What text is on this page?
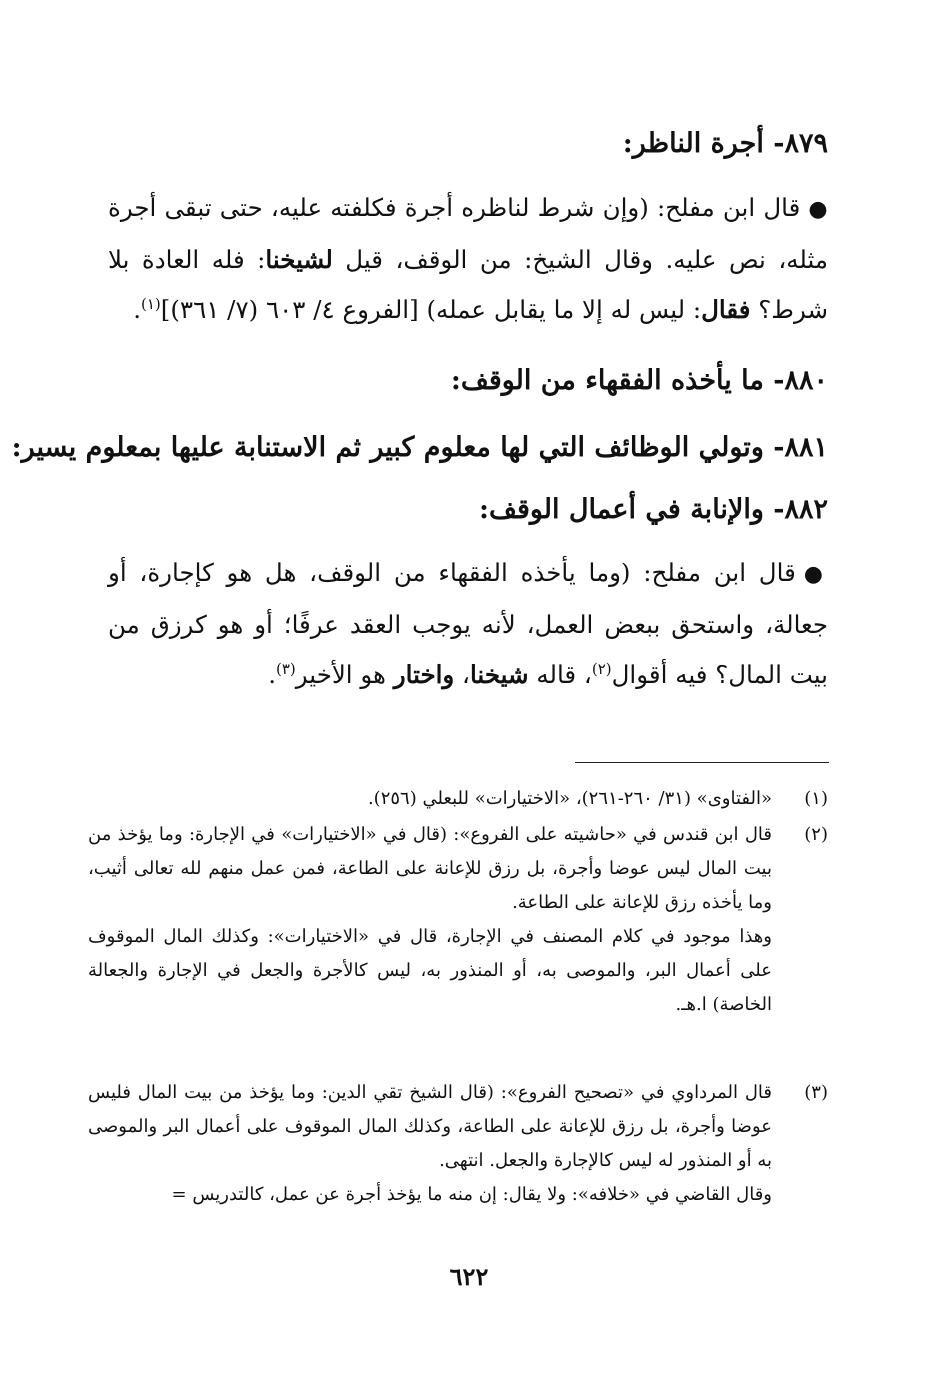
٨٧٩- أجرة الناظر:
●قال ابن مفلح: (وإن شرط لناظره أجرة فكلفته عليه، حتى تبقى أجرة مثله، نص عليه. وقال الشيخ: من الوقف، قيل لشيخنا: فله العادة بلا شرط؟ فقال: ليس له إلا ما يقابل عمله) [الفروع ٤/ ٦٠٣ (٧/ ٣٦١)]$^{(١)}$.
٨٨٠- ما يأخذه الفقهاء من الوقف:
٨٨١- وتولي الوظائف التي لها معلوم كبير ثم الاستنابة عليها بمعلوم يسير:
٨٨٢- والإنابة في أعمال الوقف:
●قال ابن مفلح: (وما يأخذه الفقهاء من الوقف، هل هو كإجارة، أو جعالة، واستحق ببعض العمل، لأنه يوجب العقد عرفًا؛ أو هو كرزق من بيت المال؟ فيه أقوال$^{(٢)}$، قاله شيخنا، واختار هو الأخير$^{(٣)}$.
(١)

«الفتاوى» (٣١/ ٢٦٠-٢٦١)، «الاختيارات» للبعلي (٢٥٦).

(٢)

قال ابن قندس في «حاشيته على الفروع»: (قال في «الاختيارات» في الإجارة: وما يؤخذ من بيت المال ليس عوضا وأجرة، بل رزق للإعانة على الطاعة، فمن عمل منهم لله تعالى أثيب، وما يأخذه رزق للإعانة على الطاعة.

وهذا موجود في كلام المصنف في الإجارة، قال في «الاختيارات»: وكذلك المال الموقوف على أعمال البر، والموصى به، أو المنذور به، ليس كالأجرة والجعل في الإجارة والجعالة الخاصة) ا.هـ.

(٣)

قال المرداوي في «تصحيح الفروع»: (قال الشيخ تقي الدين: وما يؤخذ من بيت المال فليس عوضا وأجرة، بل رزق للإعانة على الطاعة، وكذلك المال الموقوف على أعمال البر والموصى به أو المنذور له ليس كالإجارة والجعل. انتهى.

وقال القاضي في «خلافه»: ولا يقال: إن منه ما يؤخذ أجرة عن عمل، كالتدريس =

٦٢٢
